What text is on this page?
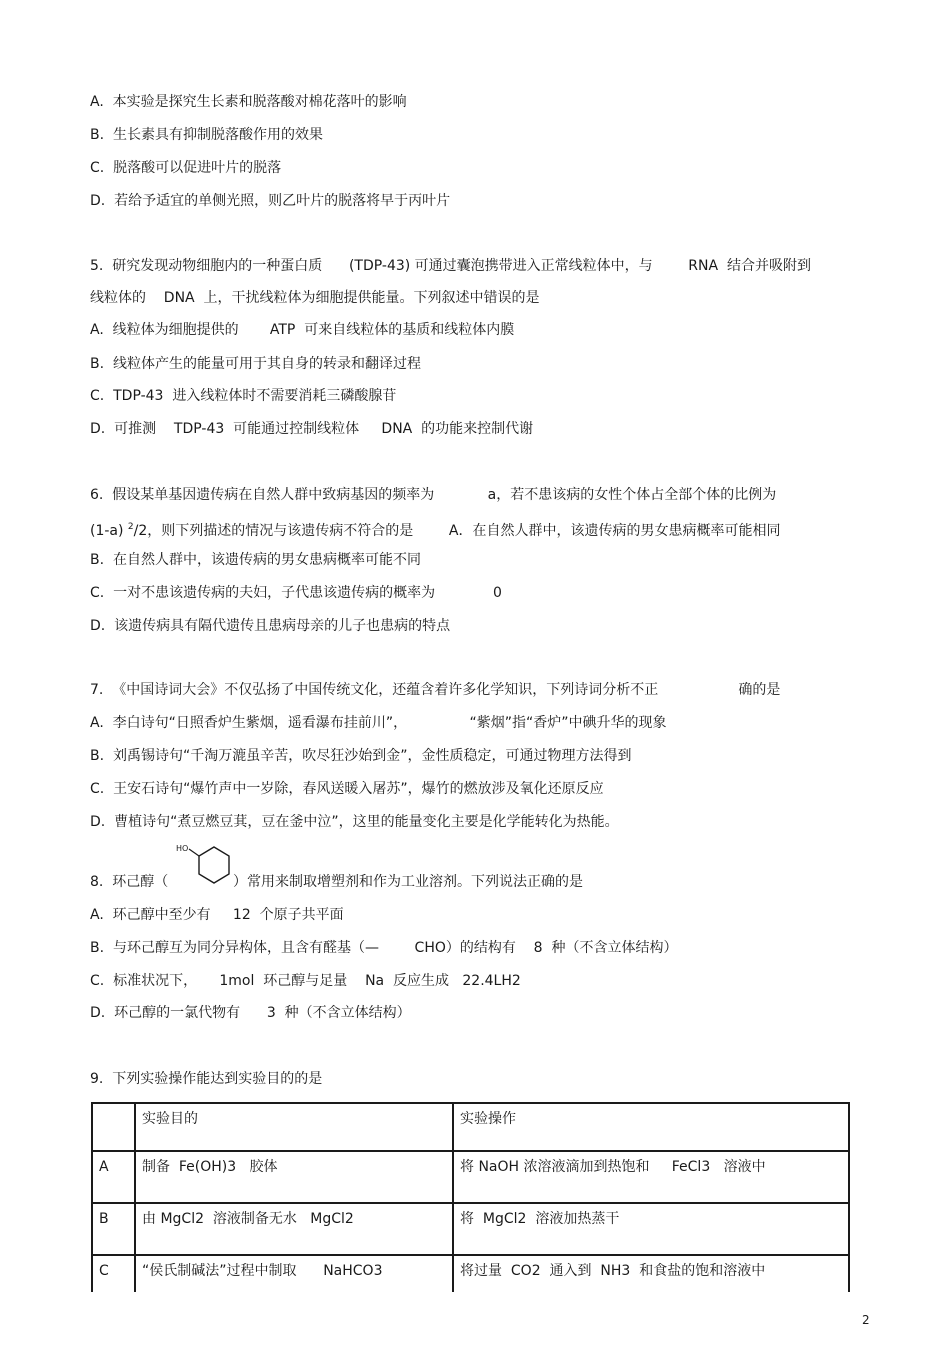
A.  本实验是探究生长素和脱落酸对棉花落叶的影响
B.  生长素具有抑制脱落酸作用的效果
C.  脱落酸可以促进叶片的脱落
D.  若给予适宜的单侧光照，则乙叶片的脱落将早于丙叶片
5.  研究发现动物细胞内的一种蛋白质      (TDP-43) 可通过囊泡携带进入正常线粒体中，与        RNA  结合并吸附到
线粒体的    DNA  上，干扰线粒体为细胞提供能量。下列叙述中错误的是
A.  线粒体为细胞提供的       ATP  可来自线粒体的基质和线粒体内膜
B.  线粒体产生的能量可用于其自身的转录和翻译过程
C.  TDP-43  进入线粒体时不需要消耗三磷酸腺苷
D.  可推测    TDP-43  可能通过控制线粒体     DNA  的功能来控制代谢
6.  假设某单基因遗传病在自然人群中致病基因的频率为            a，若不患该病的女性个体占全部个体的比例为
(1-a) $^2$/2，则下列描述的情况与该遗传病不符合的是        A．在自然人群中，该遗传病的男女患病概率可能相同
B.  在自然人群中，该遗传病的男女患病概率可能不同
C.  一对不患该遗传病的夫妇，子代患该遗传病的概率为             0
D.  该遗传病具有隔代遗传且患病母亲的儿子也患病的特点
7.  《中国诗词大会》不仅弘扬了中国传统文化，还蕴含着许多化学知识，下列诗词分析不正                  确的是
A.  李白诗句“日照香炉生紫烟，遥看瀑布挂前川”，              “紫烟”指“香炉”中碘升华的现象
B.  刘禹锡诗句“千淘万漉虽辛苦，吹尽狂沙始到金”，金性质稳定，可通过物理方法得到
C.  王安石诗句“爆竹声中一岁除，春风送暖入屠苏”，爆竹的燃放涉及氧化还原反应
D.  曹植诗句“煮豆燃豆萁，豆在釜中泣”，这里的能量变化主要是化学能转化为热能。
8.  环己醇（
HO
）常用来制取增塑剂和作为工业溶剂。下列说法正确的是
A.  环己醇中至少有     12  个原子共平面
B.  与环己醇互为同分异构体，且含有醛基（—        CHO）的结构有    8  种（不含立体结构）
C.  标准状况下，     1mol  环己醇与足量    Na  反应生成   22.4LH2
D.  环己醇的一氯代物有      3  种（不含立体结构）
9.  下列实验操作能达到实验目的的是
	实验目的	实验操作
A	制备  Fe(OH)3   胶体	将 NaOH 浓溶液滴加到热饱和     FeCl3   溶液中
B	由 MgCl2  溶液制备无水   MgCl2	将  MgCl2  溶液加热蒸干
C	“侯氏制碱法”过程中制取      NaHCO3	将过量  CO2  通入到  NH3  和食盐的饱和溶液中
2
